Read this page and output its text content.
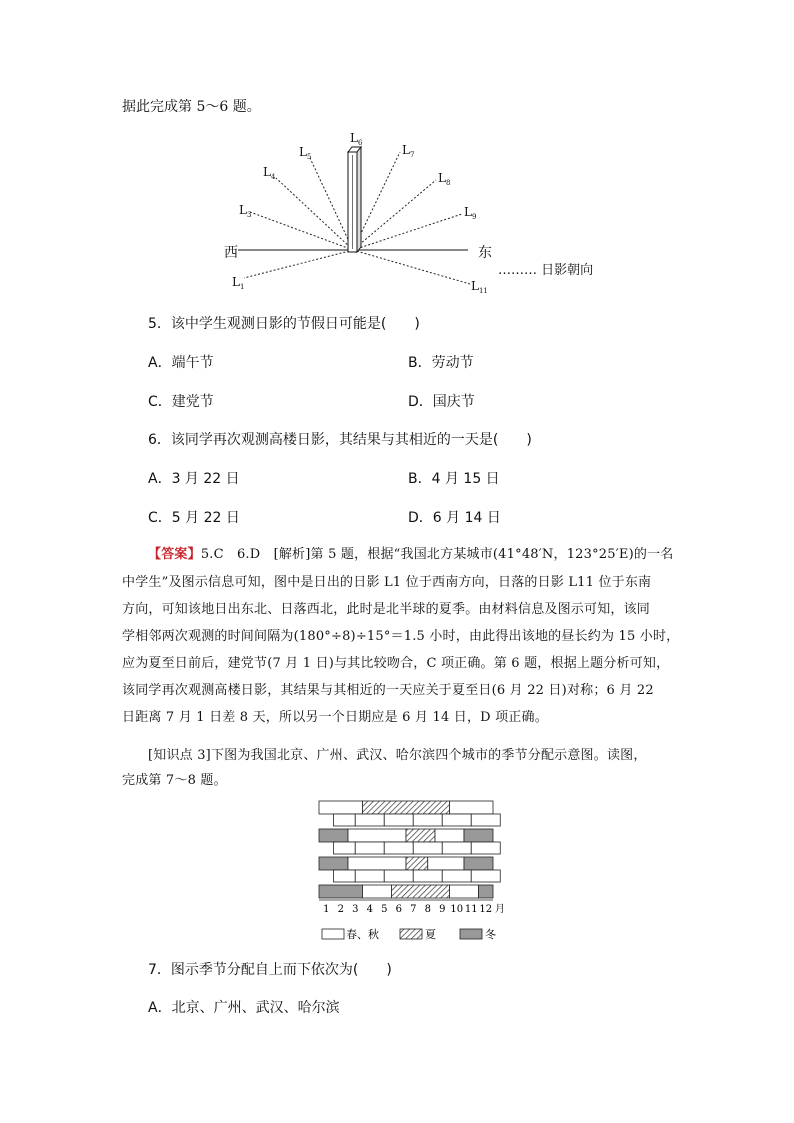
据此完成第 5～6 题。
$L_1$
$L_3$
$L_4$
$L_5$
$L_6$	$L_7$
$L_8$
$L_9$
$L_{11}$
西	东
……… 日影朝向
5．该中学生观测日影的节假日可能是(　　)
A．端午节	B．劳动节
C．建党节	D．国庆节
6．该同学再次观测高楼日影，其结果与其相近的一天是(　　)
A．3 月 22 日	B．4 月 15 日
C．5 月 22 日	D．6 月 14 日
【答案】5.C　6.D　[解析]第 5 题，根据“我国北方某城市(41°48′N，123°25′E)的一名
中学生”及图示信息可知，图中是日出的日影 L1 位于西南方向，日落的日影 L11 位于东南
方向，可知该地日出东北、日落西北，此时是北半球的夏季。由材料信息及图示可知，该同
学相邻两次观测的时间间隔为(180°÷8)÷15°＝1.5 小时，由此得出该地的昼长约为 15 小时，
应为夏至日前后，建党节(7 月 1 日)与其比较吻合，C 项正确。第 6 题，根据上题分析可知，
该同学再次观测高楼日影，其结果与其相近的一天应关于夏至日(6 月 22 日)对称；6 月 22
日距离 7 月 1 日差 8 天，所以另一个日期应是 6 月 14 日，D 项正确。
[知识点 3]下图为我国北京、广州、武汉、哈尔滨四个城市的季节分配示意图。读图，
完成第 7～8 题。
1 2 3 4 5 6 7 8 9 10 11 12 月
春、秋	夏	冬
7．图示季节分配自上而下依次为(　　)
A．北京、广州、武汉、哈尔滨
